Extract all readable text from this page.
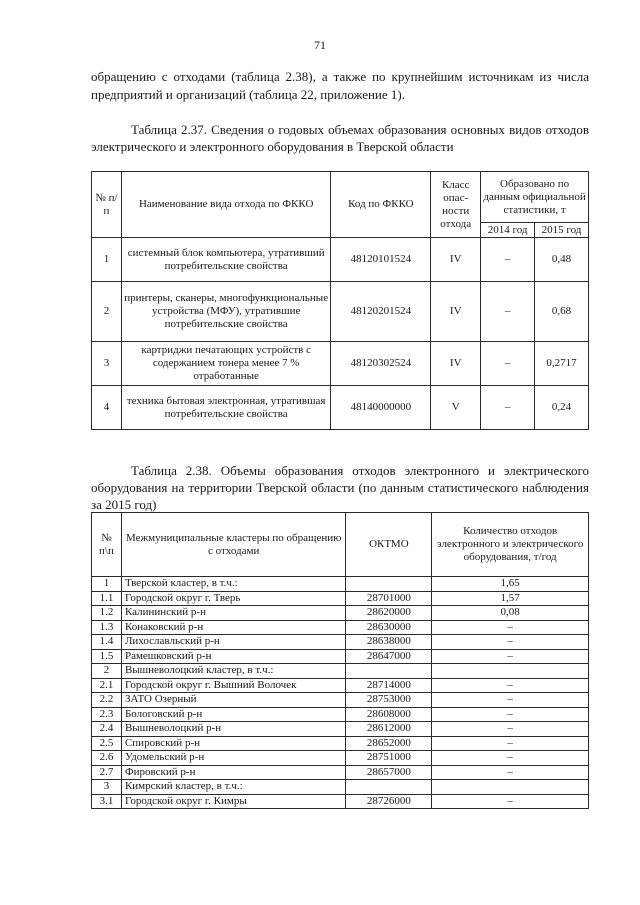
71
обращению с отходами (таблица 2.38), а также по крупнейшим источникам из числа предприятий и организаций (таблица 22, приложение 1).
Таблица 2.37. Сведения о годовых объемах образования основных видов отходов электрического и электронного оборудования в Тверской области
№ п/п	Наименование вида отхода по ФККО	Код по ФККО	Класс опас-ности отхода	Образовано по данным официальной статистики, т	
				2014 год	2015 год
1	системный блок компьютера, утративший потребительские свойства	48120101524	IV	–	0,48
2	принтеры, сканеры, многофункциональные устройства (МФУ), утратившие потребительские свойства	48120201524	IV	–	0,68
3	картриджи печатающих устройств с содержанием тонера менее 7 % отработанные	48120302524	IV	–	0,2717
4	техника бытовая электронная, утратившая потребительские свойства	48140000000	V	–	0,24
Таблица 2.38. Объемы образования отходов электронного и электрического оборудования на территории Тверской области (по данным статистического наблюдения за 2015 год)
№ п\п	Межмуниципальные кластеры по обращению с отходами	ОКТМО	Количество отходов электронного и электрического оборудования, т/год
1	Тверской кластер, в т.ч.:		1,65
1.1	Городской округ г. Тверь	28701000	1,57
1.2	Калининский р-н	28620000	0,08
1.3	Конаковский р-н	28630000	–
1.4	Лихославльский р-н	28638000	–
1.5	Рамешковский р-н	28647000	–
2	Вышневолоцкий кластер, в т.ч.:		
2.1	Городской округ г. Вышний Волочек	28714000	–
2.2	ЗАТО Озерный	28753000	–
2.3	Бологовский р-н	28608000	–
2.4	Вышневолоцкий р-н	28612000	–
2.5	Спировский р-н	28652000	–
2.6	Удомельский р-н	28751000	–
2.7	Фировский р-н	28657000	–
3	Кимрский кластер, в т.ч.:		
3.1	Городской округ г. Кимры	28726000	–
